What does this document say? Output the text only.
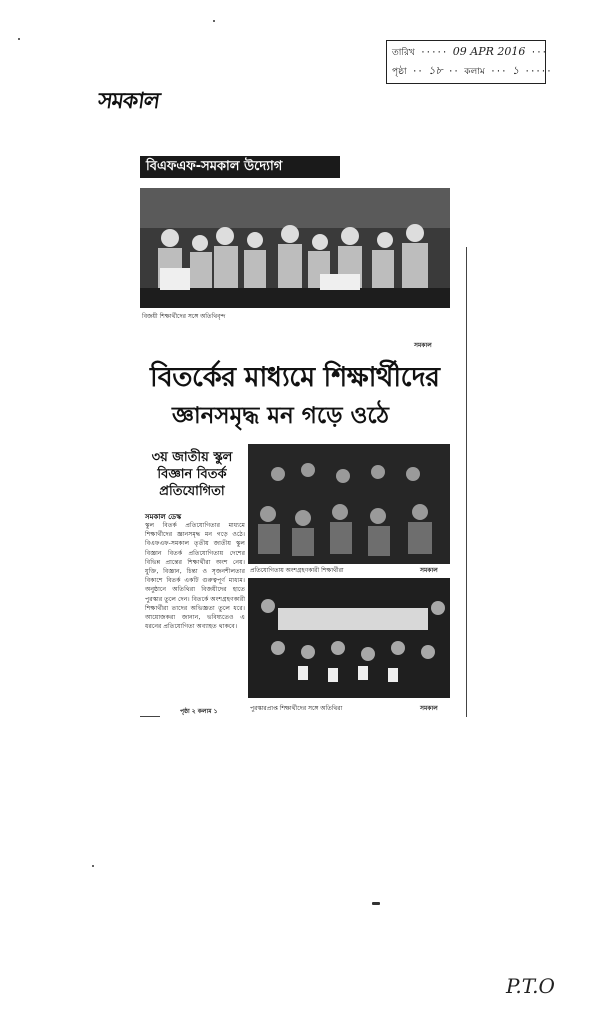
তারিখ ····· 09 APR 2016 ···
পৃষ্ঠা ·· ১৮ ·· কলাম ··· ১ ·····
সমকাল
বিএফএফ-সমকাল উদ্যোগ
বিজয়ী শিক্ষার্থীদের সঙ্গে অতিথিবৃন্দ
সমকাল
বিতর্কের মাধ্যমে শিক্ষার্থীদের
জ্ঞানসমৃদ্ধ মন গড়ে ওঠে
৩য় জাতীয় স্কুল বিজ্ঞান বিতর্ক প্রতিযোগিতা
সমকাল ডেস্ক
স্কুল বিতর্ক প্রতিযোগিতার মাধ্যমে শিক্ষার্থীদের জ্ঞানসমৃদ্ধ মন গড়ে ওঠে। বিএফএফ-সমকাল তৃতীয় জাতীয় স্কুল বিজ্ঞান বিতর্ক প্রতিযোগিতায় দেশের বিভিন্ন প্রান্তের শিক্ষার্থীরা অংশ নেয়। যুক্তি, বিজ্ঞান, চিন্তা ও সৃজনশীলতার বিকাশে বিতর্ক একটি গুরুত্বপূর্ণ মাধ্যম। অনুষ্ঠানে অতিথিরা বিজয়ীদের হাতে পুরস্কার তুলে দেন। বিতর্কে অংশগ্রহণকারী শিক্ষার্থীরা তাদের অভিজ্ঞতা তুলে ধরে। আয়োজকরা জানান, ভবিষ্যতেও এ ধরনের প্রতিযোগিতা অব্যাহত থাকবে।
পৃষ্ঠা ২ কলাম ১
প্রতিযোগিতায় অংশগ্রহণকারী শিক্ষার্থীরা	সমকাল
পুরস্কারপ্রাপ্ত শিক্ষার্থীদের সঙ্গে অতিথিরা	সমকাল
P.T.O
